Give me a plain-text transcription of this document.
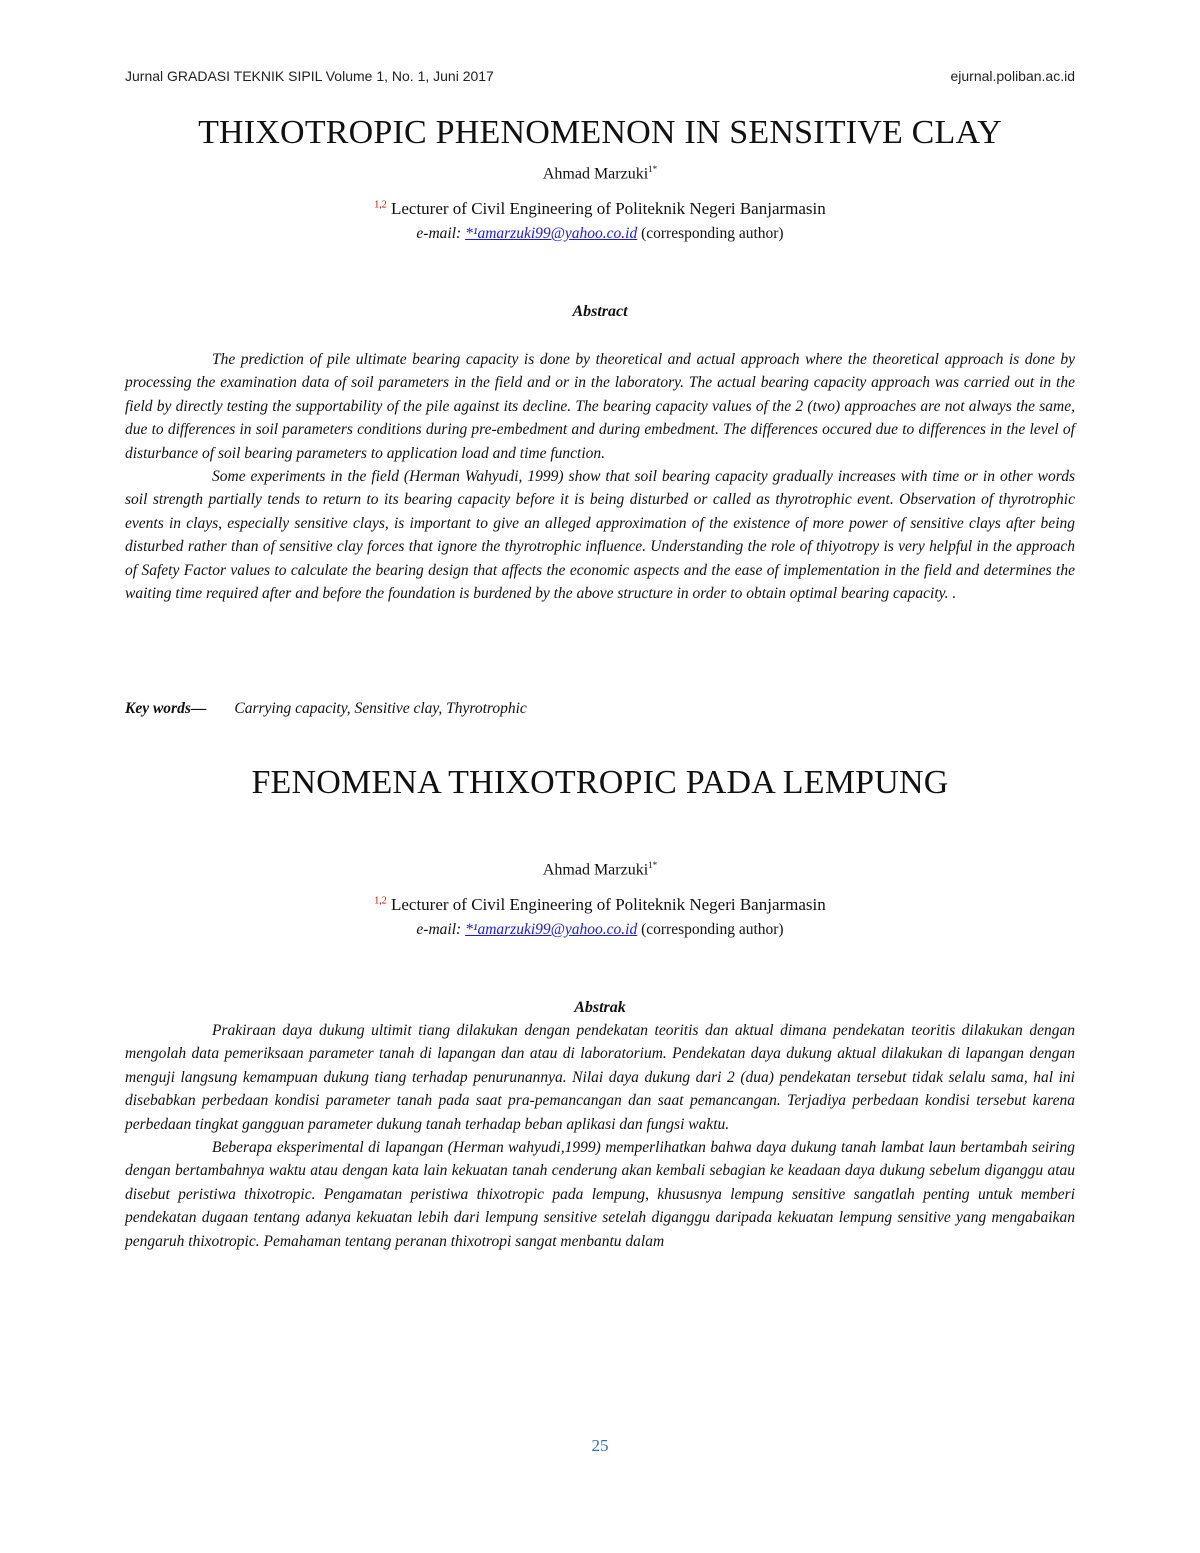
Jurnal GRADASI TEKNIK SIPIL Volume 1, No. 1, Juni 2017	ejurnal.poliban.ac.id
THIXOTROPIC PHENOMENON IN SENSITIVE CLAY
Ahmad Marzuki$^{1*}$
$^{1,2}$ Lecturer of Civil Engineering of Politeknik Negeri Banjarmasin
e-mail: *¹amarzuki99@yahoo.co.id (corresponding author)
Abstract

The prediction of pile ultimate bearing capacity is done by theoretical and actual approach where the theoretical approach is done by processing the examination data of soil parameters in the field and or in the laboratory. The actual bearing capacity approach was carried out in the field by directly testing the supportability of the pile against its decline. The bearing capacity values of the 2 (two) approaches are not always the same, due to differences in soil parameters conditions during pre-embedment and during embedment. The differences occured due to differences in the level of disturbance of soil bearing parameters to application load and time function.

Some experiments in the field (Herman Wahyudi, 1999) show that soil bearing capacity gradually increases with time or in other words soil strength partially tends to return to its bearing capacity before it is being disturbed or called as thyrotrophic event. Observation of thyrotrophic events in clays, especially sensitive clays, is important to give an alleged approximation of the existence of more power of sensitive clays after being disturbed rather than of sensitive clay forces that ignore the thyrotrophic influence. Understanding the role of thiyotropy is very helpful in the approach of Safety Factor values to calculate the bearing design that affects the economic aspects and the ease of implementation in the field and determines the waiting time required after and before the foundation is burdened by the above structure in order to obtain optimal bearing capacity. .

Key words— Carrying capacity, Sensitive clay, Thyrotrophic
FENOMENA THIXOTROPIC PADA LEMPUNG
Ahmad Marzuki$^{1*}$
$^{1,2}$ Lecturer of Civil Engineering of Politeknik Negeri Banjarmasin
e-mail: *¹amarzuki99@yahoo.co.id (corresponding author)
Abstrak

Prakiraan daya dukung ultimit tiang dilakukan dengan pendekatan teoritis dan aktual dimana pendekatan teoritis dilakukan dengan mengolah data pemeriksaan parameter tanah di lapangan dan atau di laboratorium. Pendekatan daya dukung aktual dilakukan di lapangan dengan menguji langsung kemampuan dukung tiang terhadap penurunannya. Nilai daya dukung dari 2 (dua) pendekatan tersebut tidak selalu sama, hal ini disebabkan perbedaan kondisi parameter tanah pada saat pra-pemancangan dan saat pemancangan. Terjadiya perbedaan kondisi tersebut karena perbedaan tingkat gangguan parameter dukung tanah terhadap beban aplikasi dan fungsi waktu.

Beberapa eksperimental di lapangan (Herman wahyudi,1999) memperlihatkan bahwa daya dukung tanah lambat laun bertambah seiring dengan bertambahnya waktu atau dengan kata lain kekuatan tanah cenderung akan kembali sebagian ke keadaan daya dukung sebelum diganggu atau disebut peristiwa thixotropic. Pengamatan peristiwa thixotropic pada lempung, khususnya lempung sensitive sangatlah penting untuk memberi pendekatan dugaan tentang adanya kekuatan lebih dari lempung sensitive setelah diganggu daripada kekuatan lempung sensitive yang mengabaikan pengaruh thixotropic. Pemahaman tentang peranan thixotropi sangat menbantu dalam

25
